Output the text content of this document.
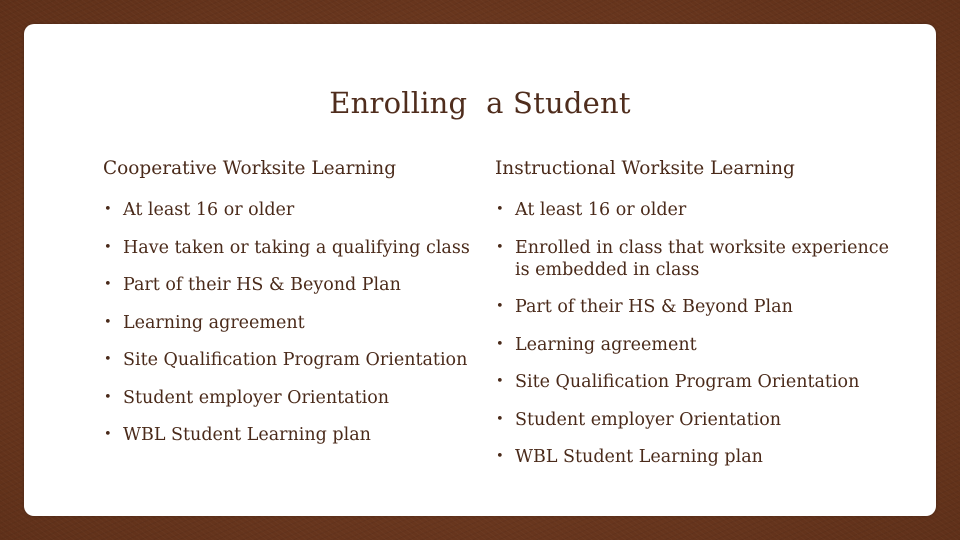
Enrolling  a Student
Cooperative Worksite Learning
• At least 16 or older
• Have taken or taking a qualifying class
• Part of their HS & Beyond Plan
• Learning agreement
• Site Qualification Program Orientation
• Student employer Orientation
• WBL Student Learning plan
Instructional Worksite Learning
• At least 16 or older
• Enrolled in class that worksite experience is embedded in class
• Part of their HS & Beyond Plan
• Learning agreement
• Site Qualification Program Orientation
• Student employer Orientation
• WBL Student Learning plan
